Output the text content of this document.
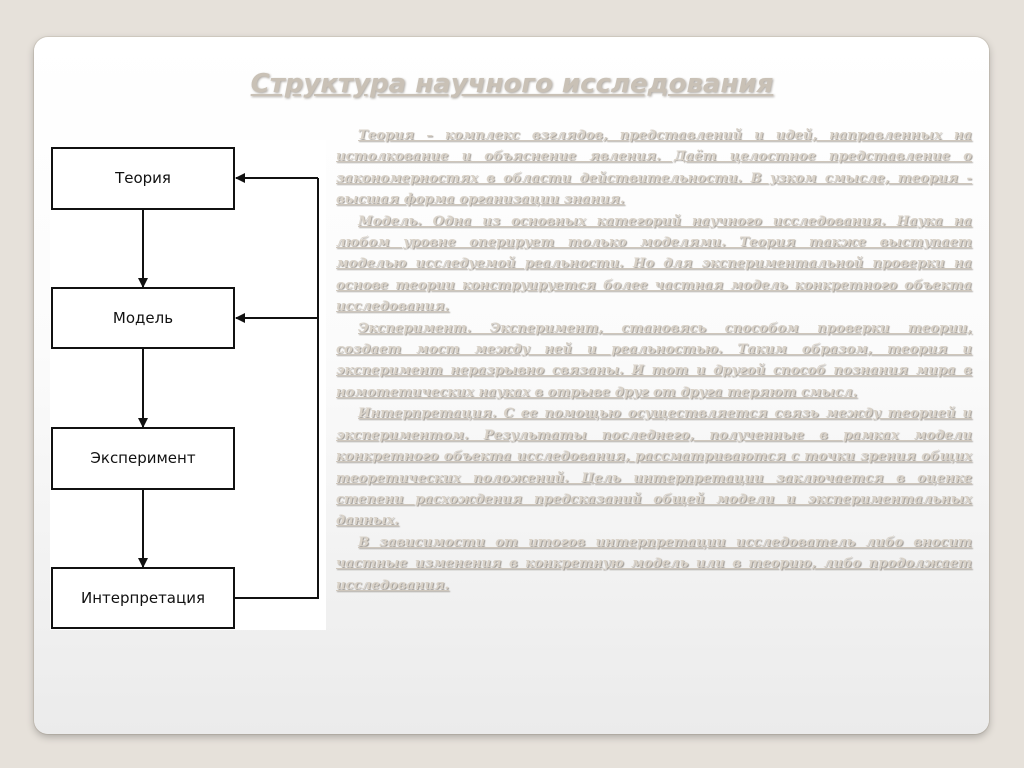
Структура научного исследования
Теория
Модель
Эксперимент
Интерпретация

Теория – комплекс взглядов, представлений и идей, направленных на истолкование и объяснение явления. Даёт целостное представление о закономерностях в области действительности. В узком смысле, теория - высшая форма организации знания.

Модель. Одна из основных категорий научного исследования. Наука на любом уровне оперирует только моделями. Теория также выступает моделью исследуемой реальности. Но для экспериментальной проверки на основе теории конструируется более частная модель конкретного объекта исследования.

Эксперимент. Эксперимент, становясь способом проверки теории, создает мост между ней и реальностью. Таким образом, теория и эксперимент неразрывно связаны. И тот и другой способ познания мира в номотетических науках в отрыве друг от друга теряют смысл.

Интерпретация. С ее помощью осуществляется связь между теорией и экспериментом. Результаты последнего, полученные в рамках модели конкретного объекта исследования, рассматриваются с точки зрения общих теоретических положений. Цель интерпретации заключается в оценке степени расхождения предсказаний общей модели и экспериментальных данных.

В зависимости от итогов интерпретации исследователь либо вносит частные изменения в конкретную модель или в теорию, либо продолжает исследования.
